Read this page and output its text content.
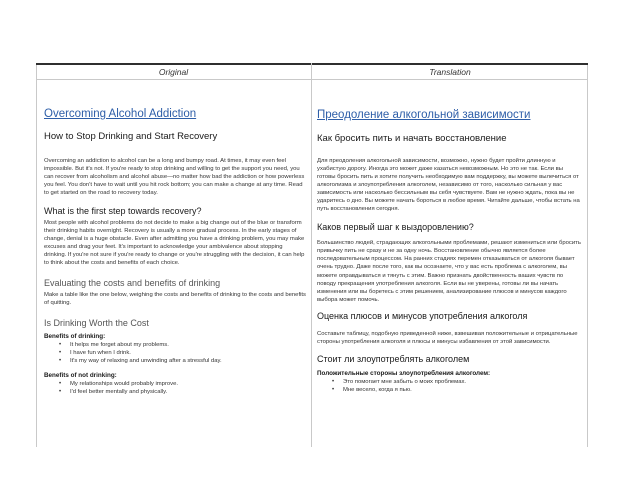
Original	Translation
Overcoming Alcohol Addiction
How to Stop Drinking and Start Recovery
Overcoming an addiction to alcohol can be a long and bumpy road. At times, it may even feel impossible. But it's not. If you're ready to stop drinking and willing to get the support you need, you can recover from alcoholism and alcohol abuse—no matter how bad the addiction or how powerless you feel. You don't have to wait until you hit rock bottom; you can make a change at any time. Read to get started on the road to recovery today.
What is the first step towards recovery?
Most people with alcohol problems do not decide to make a big change out of the blue or transform their drinking habits overnight. Recovery is usually a more gradual process. In the early stages of change, denial is a huge obstacle. Even after admitting you have a drinking problem, you may make excuses and drag your feet. It's important to acknowledge your ambivalence about stopping drinking. If you're not sure if you're ready to change or you're struggling with the decision, it can help to think about the costs and benefits of each choice.
Evaluating the costs and benefits of drinking
Make a table like the one below, weighing the costs and benefits of drinking to the costs and benefits of quitting.
Is Drinking Worth the Cost
Benefits of drinking:
• It helps me forget about my problems.
• I have fun when I drink.
• It's my way of relaxing and unwinding after a stressful day.
Benefits of not drinking:
• My relationships would probably improve.
• I'd feel better mentally and physically.
Преодоление алкогольной зависимости
Как бросить пить и начать восстановление
Для преодоления алкогольной зависимости, возможно, нужно будет пройти длинную и ухабистую дорогу. Иногда это может даже казаться невозможным. Но это не так. Если вы готовы бросить пить и хотите получить необходимую вам поддержку, вы можете вылечиться от алкоголизма и злоупотребления алкоголем, независимо от того, насколько сильная у вас зависимость или насколько бессильным вы себя чувствуете. Вам не нужно ждать, пока вы не ударитесь о дно. Вы можете начать бороться в любое время. Читайте дальше, чтобы встать на путь восстановления сегодня.
Каков первый шаг к выздоровлению?
Большинство людей, страдающих алкогольными проблемами, решают измениться или бросить привычку пить не сразу и не за одну ночь. Восстановление обычно является более последовательным процессом. На ранних стадиях перемен отказываться от алкоголя бывает очень трудно. Даже после того, как вы осознаете, что у вас есть проблема с алкоголем, вы можете оправдываться и тянуть с этим. Важно признать двойственность ваших чувств по поводу прекращения употребления алкоголя. Если вы не уверены, готовы ли вы начать изменения или вы боретесь с этим решением, анализирование плюсов и минусов каждого выбора может помочь.
Оценка плюсов и минусов употребления алкоголя
Составьте таблицу, подобную приведенной ниже, взвешивая положительные и отрицательные стороны употребления алкоголя и плюсы и минусы избавления от этой зависимости.
Стоит ли злоупотреблять алкоголем
Положительные стороны злоупотребления алкоголем:
• Это помогает мне забыть о моих проблемах.
• Мне весело, когда я пью.
